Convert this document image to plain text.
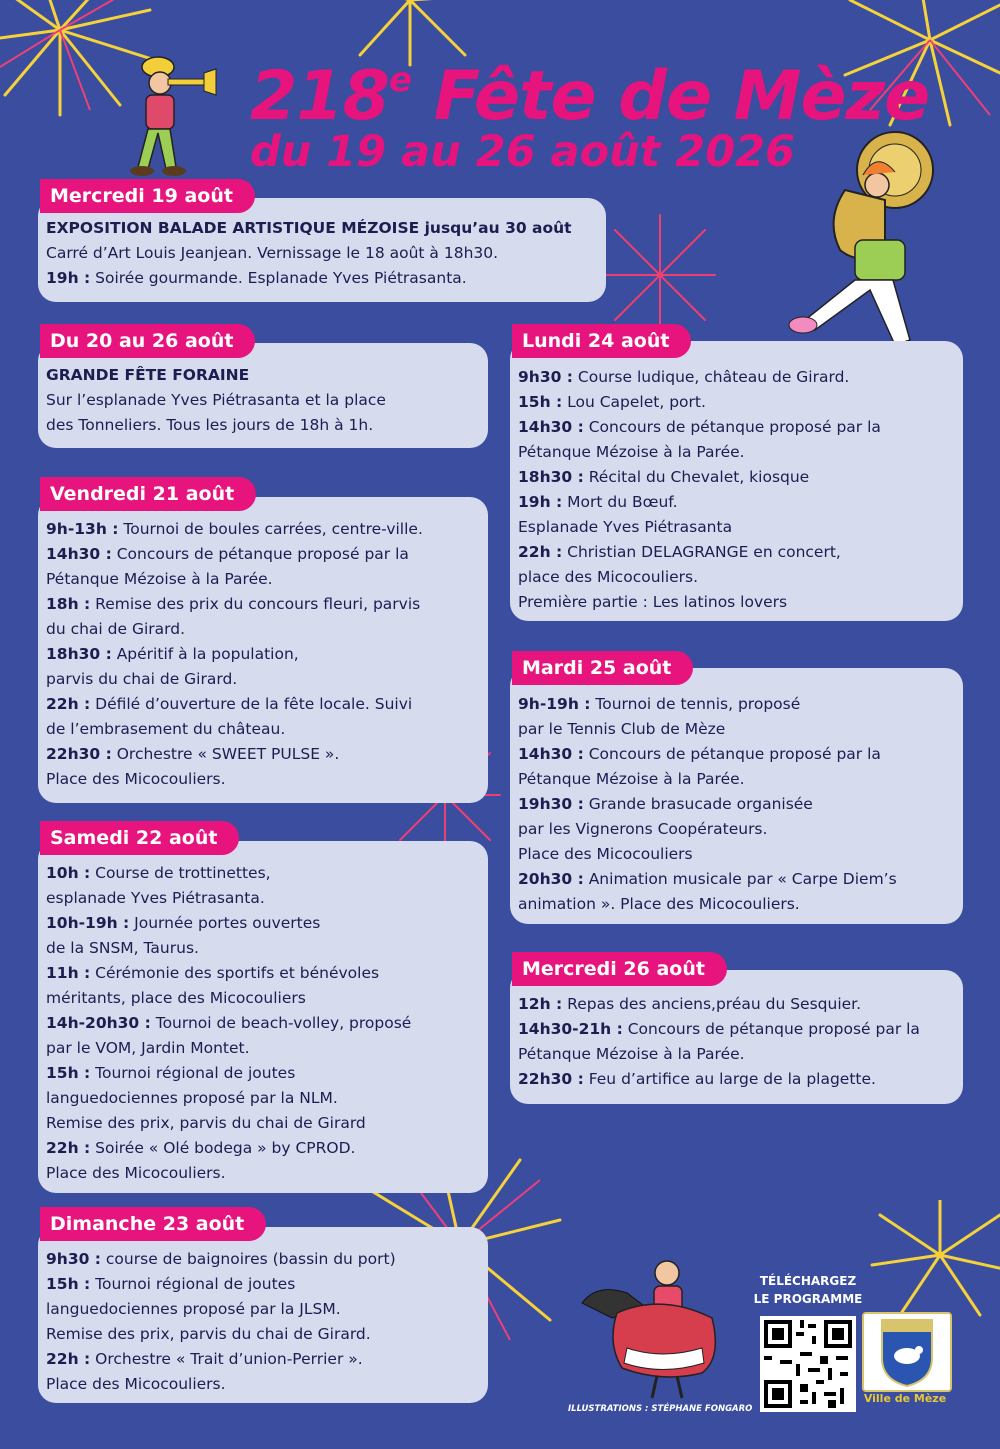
218e Fête de Mèze
du 19 au 26 août 2026
Mercredi 19 août
EXPOSITION BALADE ARTISTIQUE MÉZOISE jusqu’au 30 août
Carré d’Art Louis Jeanjean. Vernissage le 18 août à 18h30.
19h : Soirée gourmande. Esplanade Yves Piétrasanta.
Du 20 au 26 août
GRANDE FÊTE FORAINE
Sur l’esplanade Yves Piétrasanta et la place
des Tonneliers. Tous les jours de 18h à 1h.
Vendredi 21 août
9h-13h : Tournoi de boules carrées, centre-ville.
14h30 : Concours de pétanque proposé par la
Pétanque Mézoise à la Parée.
18h : Remise des prix du concours fleuri, parvis
du chai de Girard.
18h30 : Apéritif à la population,
parvis du chai de Girard.
22h : Défilé d’ouverture de la fête locale. Suivi
de l’embrasement du château.
22h30 : Orchestre « SWEET PULSE ».
Place des Micocouliers.
Samedi 22 août
10h : Course de trottinettes,
esplanade Yves Piétrasanta.
10h-19h : Journée portes ouvertes
de la SNSM, Taurus.
11h : Cérémonie des sportifs et bénévoles
méritants, place des Micocouliers
14h-20h30 : Tournoi de beach-volley, proposé
par le VOM, Jardin Montet.
15h : Tournoi régional de joutes
languedociennes proposé par la NLM.
Remise des prix, parvis du chai de Girard
22h : Soirée « Olé bodega » by CPROD.
Place des Micocouliers.
Dimanche 23 août
9h30 : course de baignoires (bassin du port)
15h : Tournoi régional de joutes
languedociennes proposé par la JLSM.
Remise des prix, parvis du chai de Girard.
22h : Orchestre « Trait d’union-Perrier ».
Place des Micocouliers.
Lundi 24 août
9h30 : Course ludique, château de Girard.
15h : Lou Capelet, port.
14h30 : Concours de pétanque proposé par la
Pétanque Mézoise à la Parée.
18h30 : Récital du Chevalet, kiosque
19h : Mort du Bœuf.
Esplanade Yves Piétrasanta
22h : Christian DELAGRANGE en concert,
place des Micocouliers.
Première partie : Les latinos lovers
Mardi 25 août
9h-19h : Tournoi de tennis, proposé
par le Tennis Club de Mèze
14h30 : Concours de pétanque proposé par la
Pétanque Mézoise à la Parée.
19h30 : Grande brasucade organisée
par les Vignerons Coopérateurs.
Place des Micocouliers
20h30 : Animation musicale par « Carpe Diem’s
animation ». Place des Micocouliers.
Mercredi 26 août
12h : Repas des anciens,préau du Sesquier.
14h30-21h : Concours de pétanque proposé par la
Pétanque Mézoise à la Parée.
22h30 : Feu d’artifice au large de la plagette.
TÉLÉCHARGEZ
LE PROGRAMME
ILLUSTRATIONS : STÉPHANE FONGARO
Ville de Mèze
